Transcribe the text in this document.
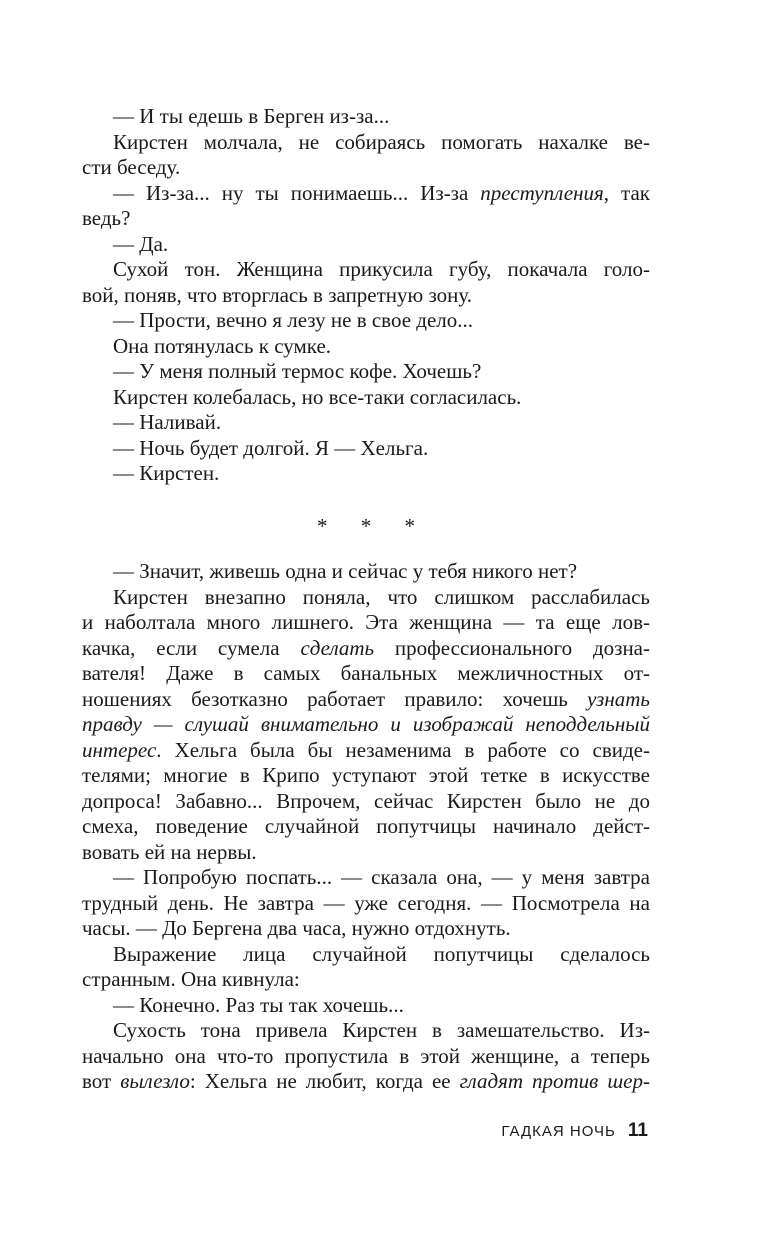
— И ты едешь в Берген из-за...

Кирстен молчала, не собираясь помогать нахалке ве-
сти беседу.

— Из-за... ну ты понимаешь... Из-за преступления, так
ведь?

— Да.

Сухой тон. Женщина прикусила губу, покачала голо-
вой, поняв, что вторглась в запретную зону.

— Прости, вечно я лезу не в свое дело...

Она потянулась к сумке.

— У меня полный термос кофе. Хочешь?

Кирстен колебалась, но все-таки согласилась.

— Наливай.

— Ночь будет долгой. Я — Хельга.

— Кирстен.

* * *

— Значит, живешь одна и сейчас у тебя никого нет?

Кирстен внезапно поняла, что слишком расслабилась
и наболтала много лишнего. Эта женщина — та еще лов-
качка, если сумела сделать профессионального дозна-
вателя! Даже в самых банальных межличностных от-
ношениях безотказно работает правило: хочешь узнать
правду — слушай внимательно и изображай неподдельный
интерес. Хельга была бы незаменима в работе со свиде-
телями; многие в Крипо уступают этой тетке в искусстве
допроса! Забавно... Впрочем, сейчас Кирстен было не до
смеха, поведение случайной попутчицы начинало дейст-
вовать ей на нервы.

— Попробую поспать... — сказала она, — у меня завтра
трудный день. Не завтра — уже сегодня. — Посмотрела на
часы. — До Бергена два часа, нужно отдохнуть.

Выражение лица случайной попутчицы сделалось
странным. Она кивнула:

— Конечно. Раз ты так хочешь...

Сухость тона привела Кирстен в замешательство. Из-
начально она что-то пропустила в этой женщине, а теперь
вот вылезло: Хельга не любит, когда ее гладят против шер-

ГАДКАЯ НОЧЬ 11
